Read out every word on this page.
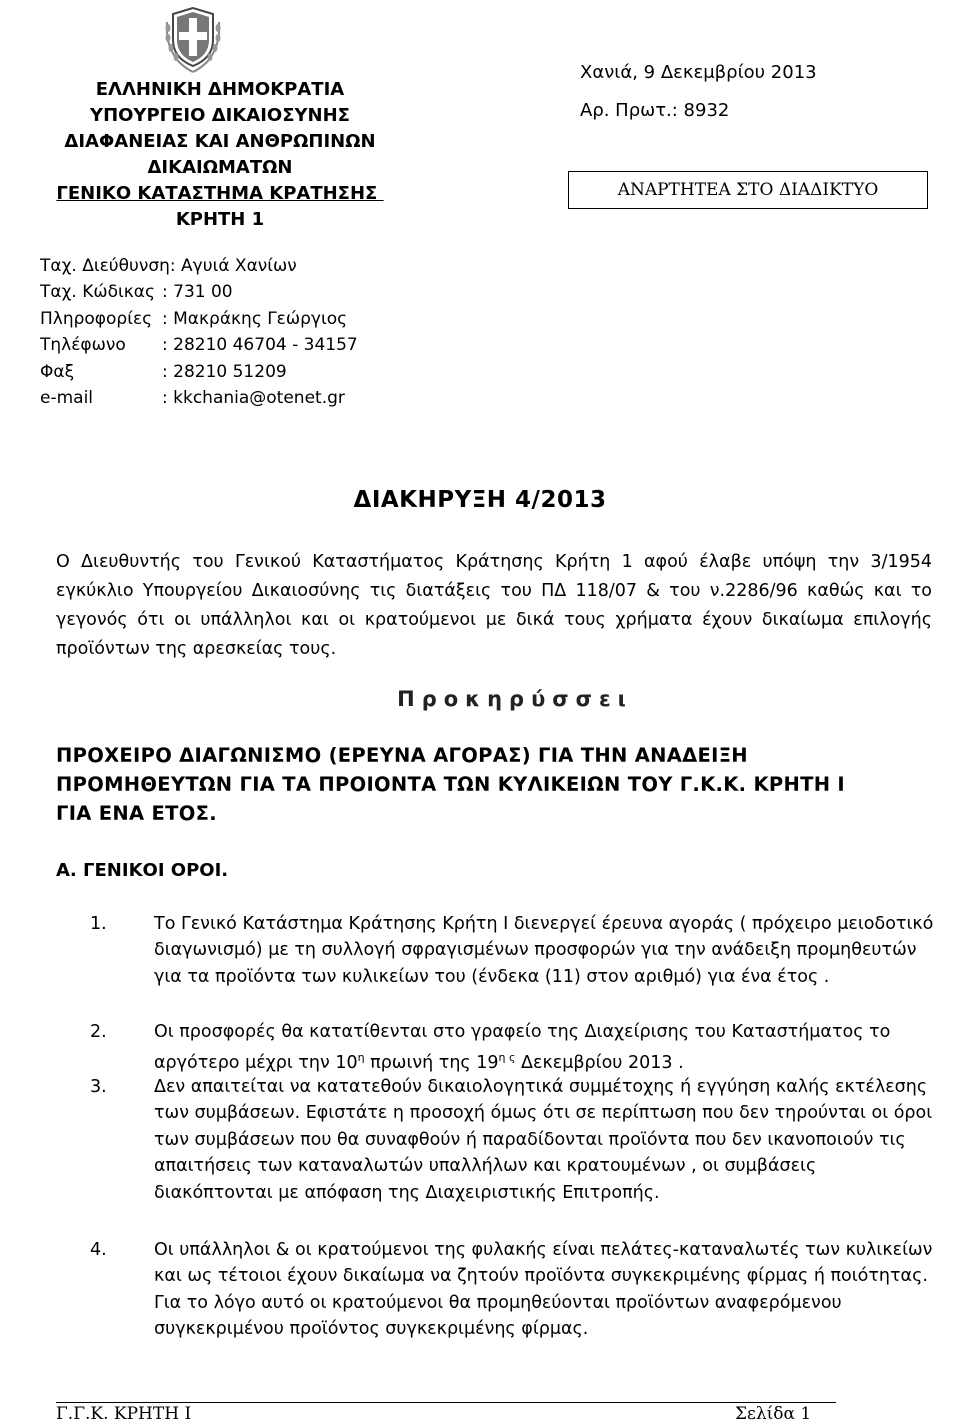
ΕΛΛΗΝΙΚΗ ΔΗΜΟΚΡΑΤΙΑ
ΥΠΟΥΡΓΕΙΟ ΔΙΚΑΙΟΣΥΝΗΣ
ΔΙΑΦΑΝΕΙΑΣ ΚΑΙ ΑΝΘΡΩΠΙΝΩΝ
ΔΙΚΑΙΩΜΑΤΩΝ
ΓΕΝΙΚΟ ΚΑΤΑΣΤΗΜΑ ΚΡΑΤΗΣΗΣ
ΚΡΗΤΗ 1
Ταχ. Διεύθυνση: Αγυιά Χανίων
Ταχ. Κώδικας : 731 00
Πληροφορίες : Μακράκης Γεώργιος
Τηλέφωνο : 28210 46704 - 34157
Φαξ	: 28210 51209
e-mail	: kkchania@otenet.gr
Χανιά, 9 Δεκεμβρίου 2013
Αρ. Πρωτ.: 8932
ΑΝΑΡΤΗΤΕΑ ΣΤΟ ΔΙΑΔΙΚΤΥΟ
ΔΙΑΚΗΡΥΞΗ 4/2013
Ο Διευθυντής του Γενικού Καταστήματος Κράτησης Κρήτη 1 αφού έλαβε υπόψη την 3/1954 εγκύκλιο Υπουργείου Δικαιοσύνης τις διατάξεις του ΠΔ 118/07 & του ν.2286/96 καθώς και το γεγονός ότι οι υπάλληλοι και οι κρατούμενοι με δικά τους χρήματα έχουν δικαίωμα επιλογής προϊόντων της αρεσκείας τους.
Προκηρύσσει
ΠΡΟΧΕΙΡΟ ΔΙΑΓΩΝΙΣΜΟ (ΕΡΕΥΝΑ ΑΓΟΡΑΣ) ΓΙΑ ΤΗΝ ΑΝΑΔΕΙΞΗ
ΠΡΟΜΗΘΕΥΤΩΝ ΓΙΑ ΤΑ ΠΡΟΙΟΝΤΑ ΤΩΝ ΚΥΛΙΚΕΙΩΝ ΤΟΥ Γ.Κ.Κ. ΚΡΗΤΗ Ι
ΓΙΑ ΕΝΑ ΕΤΟΣ.
Α. ΓΕΝΙΚΟΙ ΟΡΟΙ.
1.	Το Γενικό Κατάστημα Κράτησης Κρήτη Ι διενεργεί έρευνα αγοράς ( πρόχειρο μειοδοτικό διαγωνισμό) με τη συλλογή σφραγισμένων προσφορών για την ανάδειξη προμηθευτών για τα προϊόντα των κυλικείων του (ένδεκα (11) στον αριθμό) για ένα έτος .
2.	Οι προσφορές θα κατατίθενται στο γραφείο της Διαχείρισης του Καταστήματος το αργότερο μέχρι την $10^\eta$ πρωινή της $19^{\eta \varsigma}$ Δεκεμβρίου 2013 .
3.	Δεν απαιτείται να κατατεθούν δικαιολογητικά συμμέτοχης ή εγγύηση καλής εκτέλεσης των συμβάσεων. Εφιστάτε η προσοχή όμως ότι σε περίπτωση που δεν τηρούνται οι όροι των συμβάσεων που θα συναφθούν ή παραδίδονται προϊόντα που δεν ικανοποιούν τις απαιτήσεις των καταναλωτών υπαλλήλων και κρατουμένων , οι συμβάσεις διακόπτονται με απόφαση της Διαχειριστικής Επιτροπής.
4.	Οι υπάλληλοι & οι κρατούμενοι της φυλακής είναι πελάτες-καταναλωτές των κυλικείων και ως τέτοιοι έχουν δικαίωμα να ζητούν προϊόντα συγκεκριμένης φίρμας ή ποιότητας. Για το λόγο αυτό οι κρατούμενοι θα προμηθεύονται προϊόντων αναφερόμενου συγκεκριμένου προϊόντος συγκεκριμένης φίρμας.
Γ.Γ.Κ. ΚΡΗΤΗ Ι	Σελίδα 1
